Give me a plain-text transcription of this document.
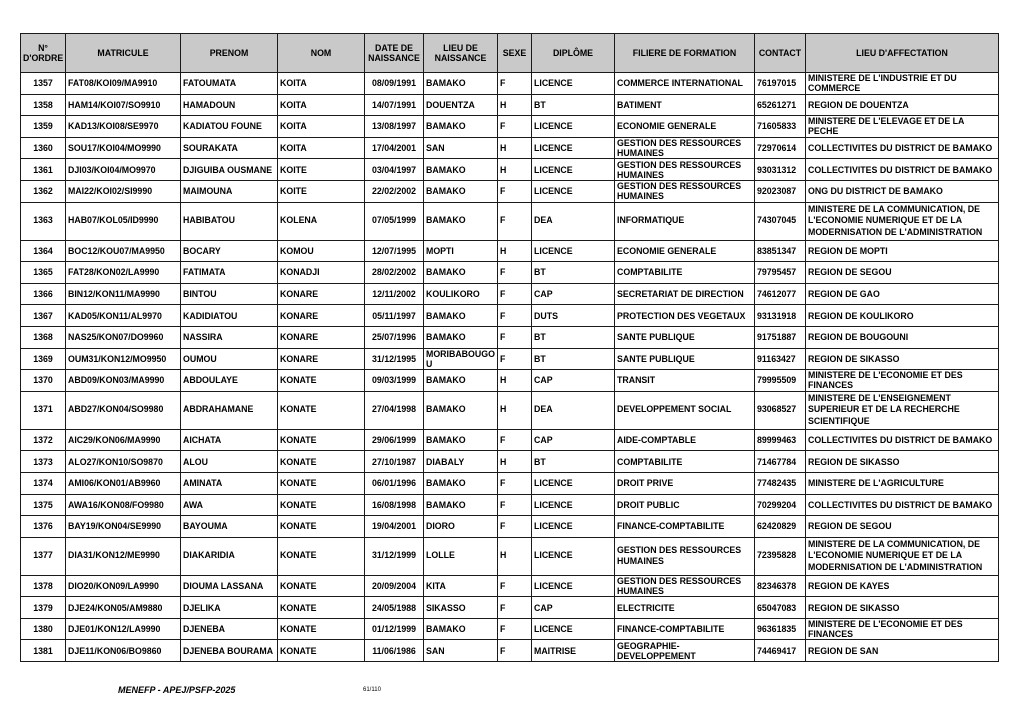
N° D'ORDRE	MATRICULE	PRENOM	NOM	DATE DE NAISSANCE	LIEU DE NAISSANCE	SEXE	DIPLÔME	FILIERE DE FORMATION	CONTACT	LIEU D'AFFECTATION
1357	FAT08/KOI09/MA9910	FATOUMATA	KOITA	08/09/1991	BAMAKO	F	LICENCE	COMMERCE INTERNATIONAL	76197015	MINISTERE DE L'INDUSTRIE ET DU COMMERCE
1358	HAM14/KOI07/SO9910	HAMADOUN	KOITA	14/07/1991	DOUENTZA	H	BT	BATIMENT	65261271	REGION DE DOUENTZA
1359	KAD13/KOI08/SE9970	KADIATOU FOUNE	KOITA	13/08/1997	BAMAKO	F	LICENCE	ECONOMIE GENERALE	71605833	MINISTERE DE L'ELEVAGE ET DE LA PECHE
1360	SOU17/KOI04/MO9990	SOURAKATA	KOITA	17/04/2001	SAN	H	LICENCE	GESTION DES RESSOURCES HUMAINES	72970614	COLLECTIVITES DU DISTRICT DE BAMAKO
1361	DJI03/KOI04/MO9970	DJIGUIBA OUSMANE	KOITE	03/04/1997	BAMAKO	H	LICENCE	GESTION DES RESSOURCES HUMAINES	93031312	COLLECTIVITES DU DISTRICT DE BAMAKO
1362	MAI22/KOI02/SI9990	MAIMOUNA	KOITE	22/02/2002	BAMAKO	F	LICENCE	GESTION DES RESSOURCES HUMAINES	92023087	ONG DU DISTRICT DE BAMAKO
1363	HAB07/KOL05/ID9990	HABIBATOU	KOLENA	07/05/1999	BAMAKO	F	DEA	INFORMATIQUE	74307045	MINISTERE DE LA COMMUNICATION, DE L'ECONOMIE NUMERIQUE ET DE LA MODERNISATION DE L'ADMINISTRATION
1364	BOC12/KOU07/MA9950	BOCARY	KOMOU	12/07/1995	MOPTI	H	LICENCE	ECONOMIE GENERALE	83851347	REGION DE MOPTI
1365	FAT28/KON02/LA9990	FATIMATA	KONADJI	28/02/2002	BAMAKO	F	BT	COMPTABILITE	79795457	REGION DE SEGOU
1366	BIN12/KON11/MA9990	BINTOU	KONARE	12/11/2002	KOULIKORO	F	CAP	SECRETARIAT DE DIRECTION	74612077	REGION DE GAO
1367	KAD05/KON11/AL9970	KADIDIATOU	KONARE	05/11/1997	BAMAKO	F	DUTS	PROTECTION DES VEGETAUX	93131918	REGION DE KOULIKORO
1368	NAS25/KON07/DO9960	NASSIRA	KONARE	25/07/1996	BAMAKO	F	BT	SANTE PUBLIQUE	91751887	REGION DE BOUGOUNI
1369	OUM31/KON12/MO9950	OUMOU	KONARE	31/12/1995	MORIBABOUGOU	F	BT	SANTE PUBLIQUE	91163427	REGION DE SIKASSO
1370	ABD09/KON03/MA9990	ABDOULAYE	KONATE	09/03/1999	BAMAKO	H	CAP	TRANSIT	79995509	MINISTERE DE L'ECONOMIE ET DES FINANCES
1371	ABD27/KON04/SO9980	ABDRAHAMANE	KONATE	27/04/1998	BAMAKO	H	DEA	DEVELOPPEMENT SOCIAL	93068527	MINISTERE DE L'ENSEIGNEMENT SUPERIEUR ET DE LA RECHERCHE SCIENTIFIQUE
1372	AIC29/KON06/MA9990	AICHATA	KONATE	29/06/1999	BAMAKO	F	CAP	AIDE-COMPTABLE	89999463	COLLECTIVITES DU DISTRICT DE BAMAKO
1373	ALO27/KON10/SO9870	ALOU	KONATE	27/10/1987	DIABALY	H	BT	COMPTABILITE	71467784	REGION DE SIKASSO
1374	AMI06/KON01/AB9960	AMINATA	KONATE	06/01/1996	BAMAKO	F	LICENCE	DROIT PRIVE	77482435	MINISTERE DE L'AGRICULTURE
1375	AWA16/KON08/FO9980	AWA	KONATE	16/08/1998	BAMAKO	F	LICENCE	DROIT PUBLIC	70299204	COLLECTIVITES DU DISTRICT DE BAMAKO
1376	BAY19/KON04/SE9990	BAYOUMA	KONATE	19/04/2001	DIORO	F	LICENCE	FINANCE-COMPTABILITE	62420829	REGION DE SEGOU
1377	DIA31/KON12/ME9990	DIAKARIDIA	KONATE	31/12/1999	LOLLE	H	LICENCE	GESTION DES RESSOURCES HUMAINES	72395828	MINISTERE DE LA COMMUNICATION, DE L'ECONOMIE NUMERIQUE ET DE LA MODERNISATION DE L'ADMINISTRATION
1378	DIO20/KON09/LA9990	DIOUMA LASSANA	KONATE	20/09/2004	KITA	F	LICENCE	GESTION DES RESSOURCES HUMAINES	82346378	REGION DE KAYES
1379	DJE24/KON05/AM9880	DJELIKA	KONATE	24/05/1988	SIKASSO	F	CAP	ELECTRICITE	65047083	REGION DE SIKASSO
1380	DJE01/KON12/LA9990	DJENEBA	KONATE	01/12/1999	BAMAKO	F	LICENCE	FINANCE-COMPTABILITE	96361835	MINISTERE DE L'ECONOMIE ET DES FINANCES
1381	DJE11/KON06/BO9860	DJENEBA BOURAMA	KONATE	11/06/1986	SAN	F	MAITRISE	GEOGRAPHIE-DEVELOPPEMENT	74469417	REGION DE SAN
MENEFP - APEJ/PSFP-2025	61/110
